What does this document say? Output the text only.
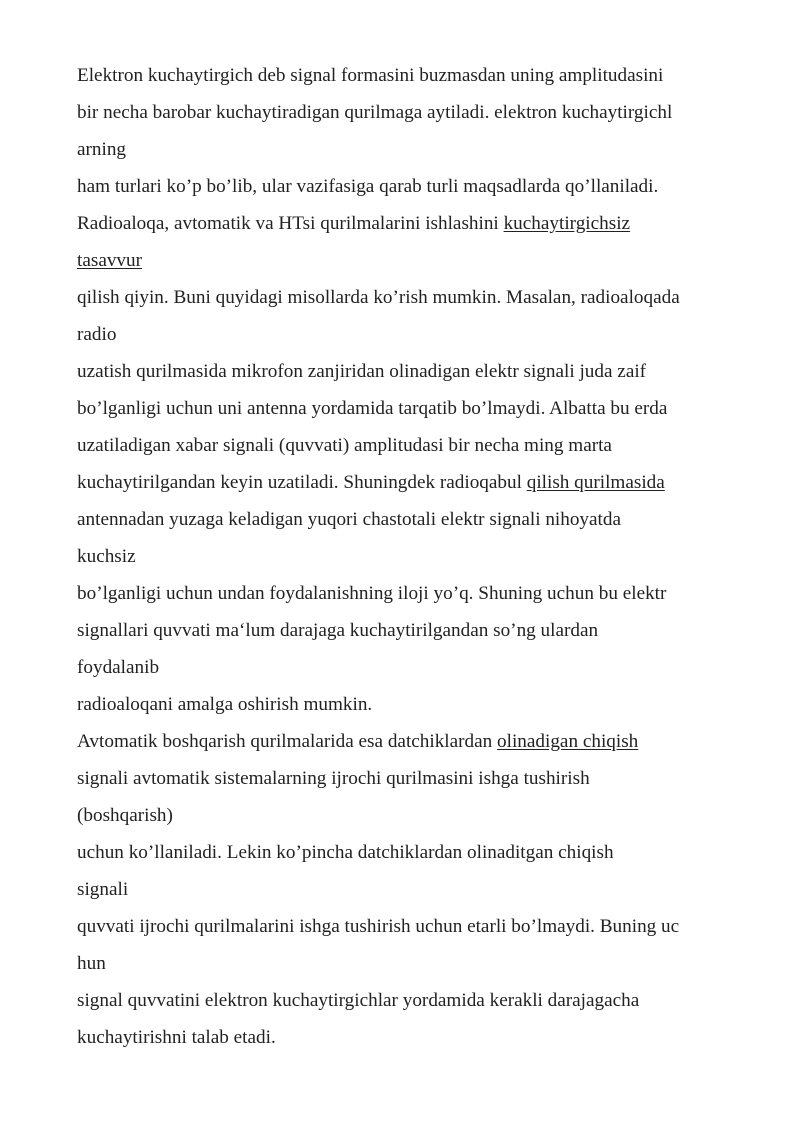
Elektron kuchaytirgich deb signal formasini buzmasdan uning amplitudasini
bir necha barobar kuchaytiradigan qurilmaga aytiladi. elektron kuchaytirgichl
arning
ham turlari ko’p bo’lib, ular vazifasiga qarab turli maqsadlarda qo’llaniladi.
Radioaloqa, avtomatik va HTsi qurilmalarini ishlashini kuchaytirgichsiz
tasavvur
qilish qiyin. Buni quyidagi misollarda ko’rish mumkin. Masalan, radioaloqada
radio
uzatish qurilmasida mikrofon zanjiridan olinadigan elektr signali juda zaif
bo’lganligi uchun uni antenna yordamida tarqatib bo’lmaydi. Albatta bu erda
uzatiladigan xabar signali (quvvati) amplitudasi bir necha ming marta
kuchaytirilgandan keyin uzatiladi. Shuningdek radioqabul qilish qurilmasida
antennadan yuzaga keladigan yuqori chastotali elektr signali nihoyatda
kuchsiz
bo’lganligi uchun undan foydalanishning iloji yo’q. Shuning uchun bu elektr
signallari quvvati ma‘lum darajaga kuchaytirilgandan so’ng ulardan
foydalanib
radioaloqani amalga oshirish mumkin.
Avtomatik boshqarish qurilmalarida esa datchiklardan olinadigan chiqish
signali avtomatik sistemalarning ijrochi qurilmasini ishga tushirish
(boshqarish)
uchun ko’llaniladi. Lekin ko’pincha datchiklardan olinaditgan chiqish
signali
quvvati ijrochi qurilmalarini ishga tushirish uchun etarli bo’lmaydi. Buning uc
hun
signal quvvatini elektron kuchaytirgichlar yordamida kerakli darajagacha
kuchaytirishni talab etadi.
